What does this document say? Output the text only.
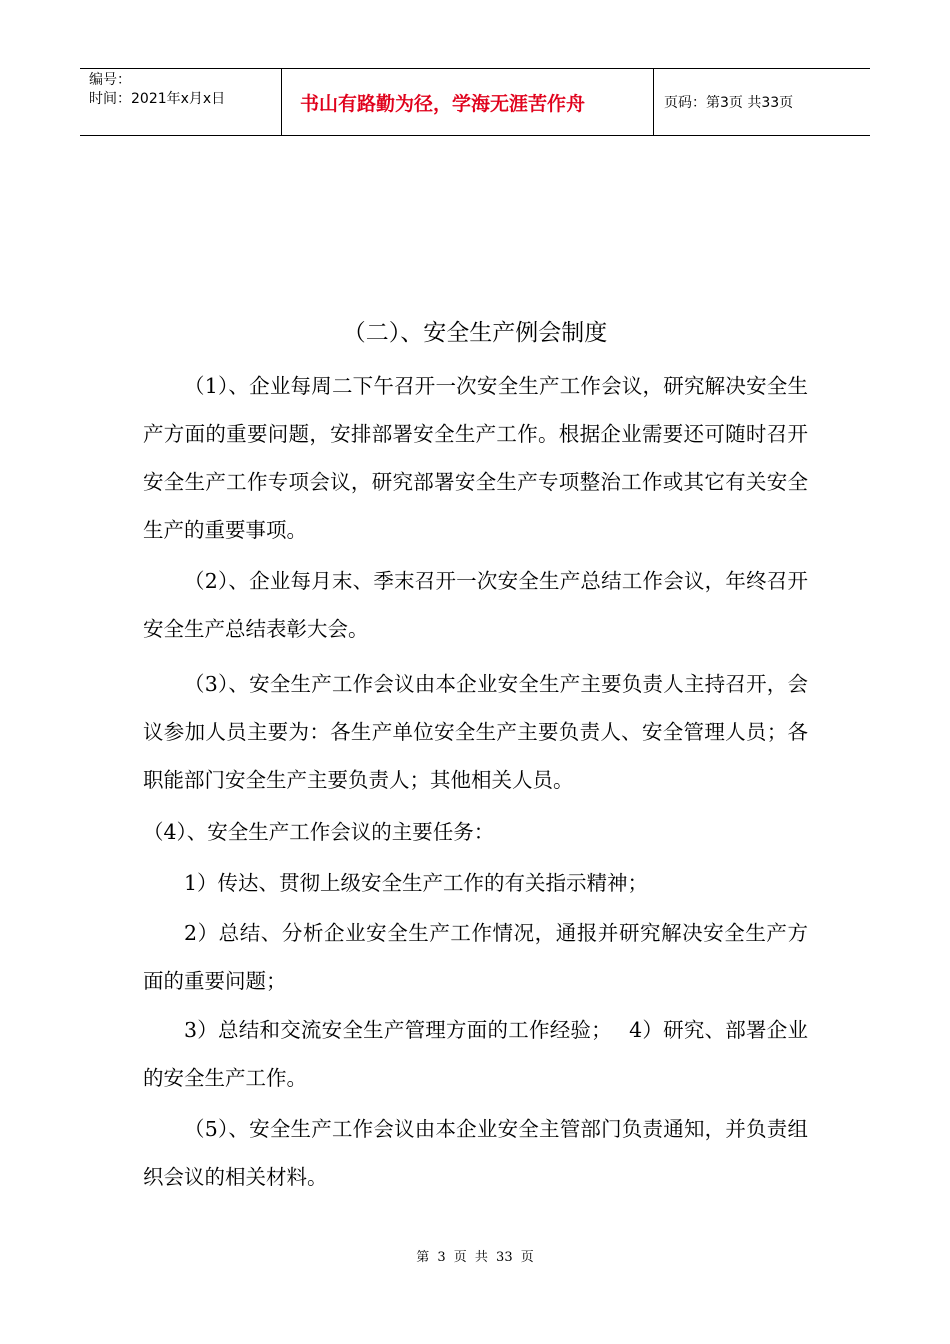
编号：
时间：2021年x月x日	书山有路勤为径，学海无涯苦作舟	页码：第3页 共33页
（二）、安全生产例会制度

（1）、企业每周二下午召开一次安全生产工作会议，研究解决安全生产方面的重要问题，安排部署安全生产工作。根据企业需要还可随时召开安全生产工作专项会议，研究部署安全生产专项整治工作或其它有关安全生产的重要事项。

（2）、企业每月末、季末召开一次安全生产总结工作会议，年终召开安全生产总结表彰大会。

（3）、安全生产工作会议由本企业安全生产主要负责人主持召开，会议参加人员主要为：各生产单位安全生产主要负责人、安全管理人员；各职能部门安全生产主要负责人；其他相关人员。

（4）、安全生产工作会议的主要任务：

1）传达、贯彻上级安全生产工作的有关指示精神；

2）总结、分析企业安全生产工作情况，通报并研究解决安全生产方面的重要问题；

3）总结和交流安全生产管理方面的工作经验；　 4）研究、部署企业的安全生产工作。

（5）、安全生产工作会议由本企业安全主管部门负责通知，并负责组织会议的相关材料。

第 3 页 共 33 页
